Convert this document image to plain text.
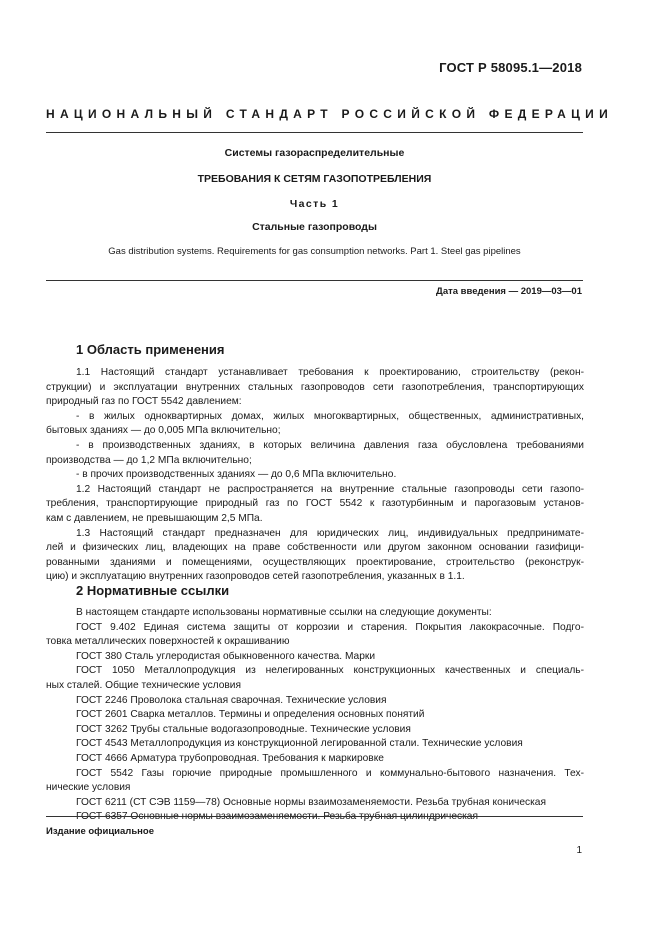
ГОСТ Р 58095.1—2018
НАЦИОНАЛЬНЫЙ СТАНДАРТ РОССИЙСКОЙ ФЕДЕРАЦИИ
Системы газораспределительные
ТРЕБОВАНИЯ К СЕТЯМ ГАЗОПОТРЕБЛЕНИЯ
Часть 1
Стальные газопроводы
Gas distribution systems. Requirements for gas consumption networks. Part 1. Steel gas pipelines
Дата введения — 2019—03—01
1 Область применения
1.1 Настоящий стандарт устанавливает требования к проектированию, строительству (рекон-
струкции) и эксплуатации внутренних стальных газопроводов сети газопотребления, транспортирующих
природный газ по ГОСТ 5542 давлением:
- в жилых одноквартирных домах, жилых многоквартирных, общественных, административных,
бытовых зданиях — до 0,005 МПа включительно;
- в производственных зданиях, в которых величина давления газа обусловлена требованиями
производства — до 1,2 МПа включительно;
- в прочих производственных зданиях — до 0,6 МПа включительно.
1.2 Настоящий стандарт не распространяется на внутренние стальные газопроводы сети газопо-
требления, транспортирующие природный газ по ГОСТ 5542 к газотурбинным и парогазовым установ-
кам с давлением, не превышающим 2,5 МПа.
1.3 Настоящий стандарт предназначен для юридических лиц, индивидуальных предпринимате-
лей и физических лиц, владеющих на праве собственности или другом законном основании газифици-
рованными зданиями и помещениями, осуществляющих проектирование, строительство (реконструк-
цию) и эксплуатацию внутренних газопроводов сетей газопотребления, указанных в 1.1.
2 Нормативные ссылки
В настоящем стандарте использованы нормативные ссылки на следующие документы:
ГОСТ 9.402 Единая система защиты от коррозии и старения. Покрытия лакокрасочные. Подго-
товка металлических поверхностей к окрашиванию
ГОСТ 380 Сталь углеродистая обыкновенного качества. Марки
ГОСТ 1050 Металлопродукция из нелегированных конструкционных качественных и специаль-
ных сталей. Общие технические условия
ГОСТ 2246 Проволока стальная сварочная. Технические условия
ГОСТ 2601 Сварка металлов. Термины и определения основных понятий
ГОСТ 3262 Трубы стальные водогазопроводные. Технические условия
ГОСТ 4543 Металлопродукция из конструкционной легированной стали. Технические условия
ГОСТ 4666 Арматура трубопроводная. Требования к маркировке
ГОСТ 5542 Газы горючие природные промышленного и коммунально-бытового назначения. Тех-
нические условия
ГОСТ 6211 (СТ СЭВ 1159—78) Основные нормы взаимозаменяемости. Резьба трубная коническая
ГОСТ 6357 Основные нормы взаимозаменяемости. Резьба трубная цилиндрическая
Издание официальное
1
